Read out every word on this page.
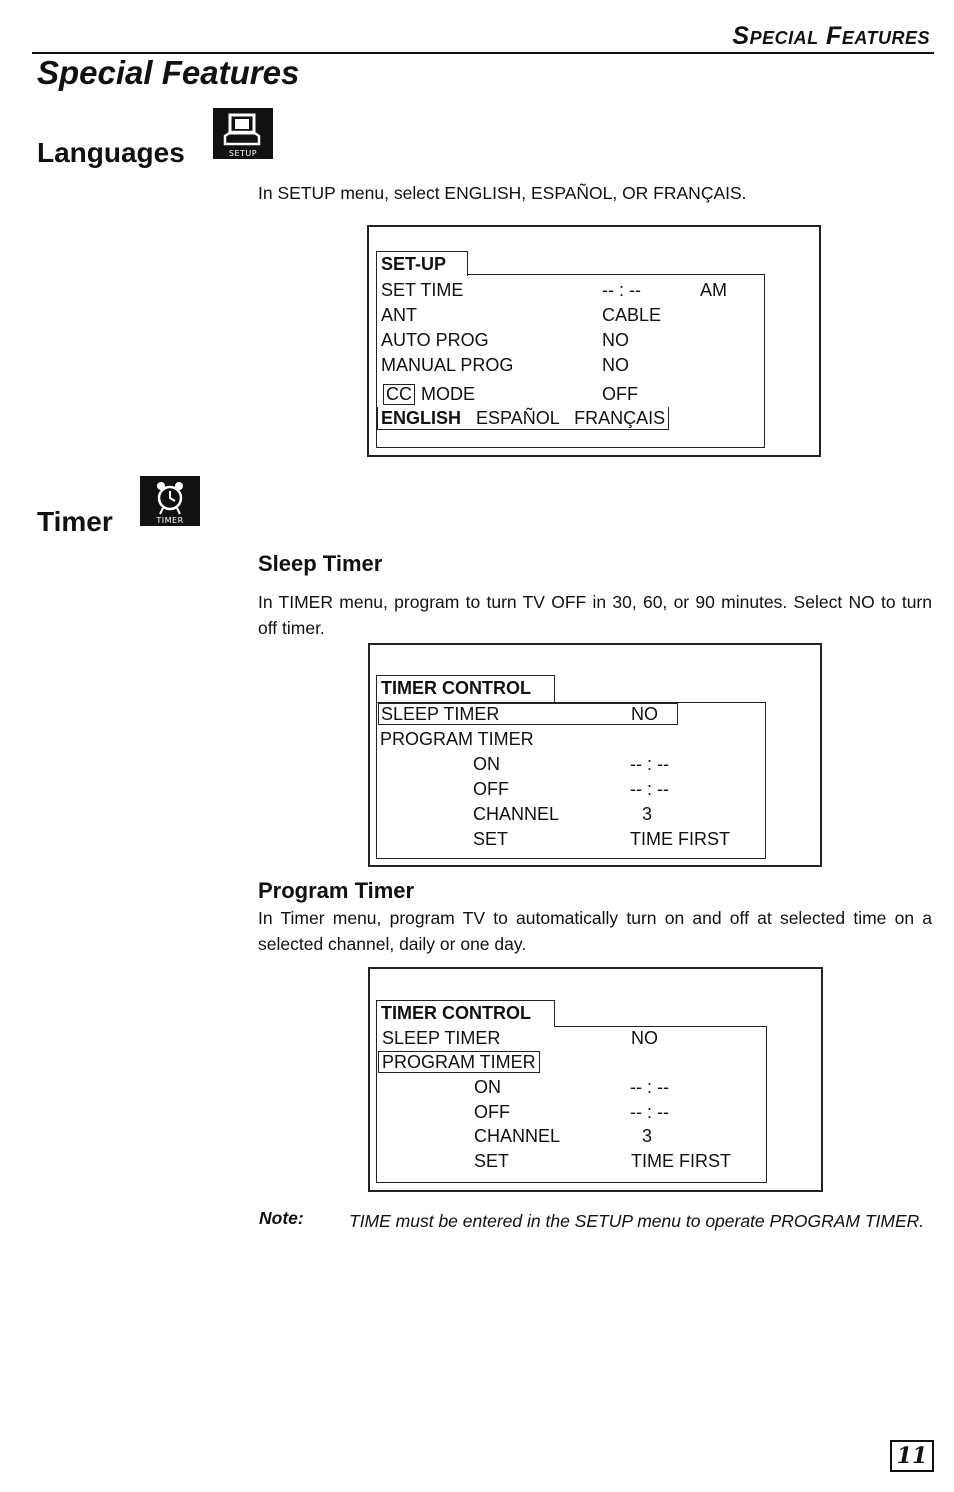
Special Features
Special Features
Languages	SETUP

In SETUP menu, select ENGLISH, ESPAÑOL, OR FRANÇAIS.

SET-UP
SET TIME	-- : --	AM
ANT	CABLE
AUTO PROG	NO
MANUAL PROG	NO
CC MODE	OFF
ENGLISH ESPAÑOL FRANÇAIS
Timer	TIMER
Sleep Timer

In TIMER menu, program to turn TV OFF in 30, 60, or 90 minutes. Select NO to turn off timer.

TIMER CONTROL
SLEEP TIMER	NO
PROGRAM TIMER
ON	-- : --
OFF	-- : --
CHANNEL	3
SET	TIME FIRST
Program Timer

In Timer menu, program TV to automatically turn on and off at selected time on a selected channel, daily or one day.

TIMER CONTROL
SLEEP TIMER	NO
PROGRAM TIMER
ON	-- : --
OFF	-- : --
CHANNEL	3
SET	TIME FIRST
Note:	TIME must be entered in the SETUP menu to operate PROGRAM TIMER.

11
